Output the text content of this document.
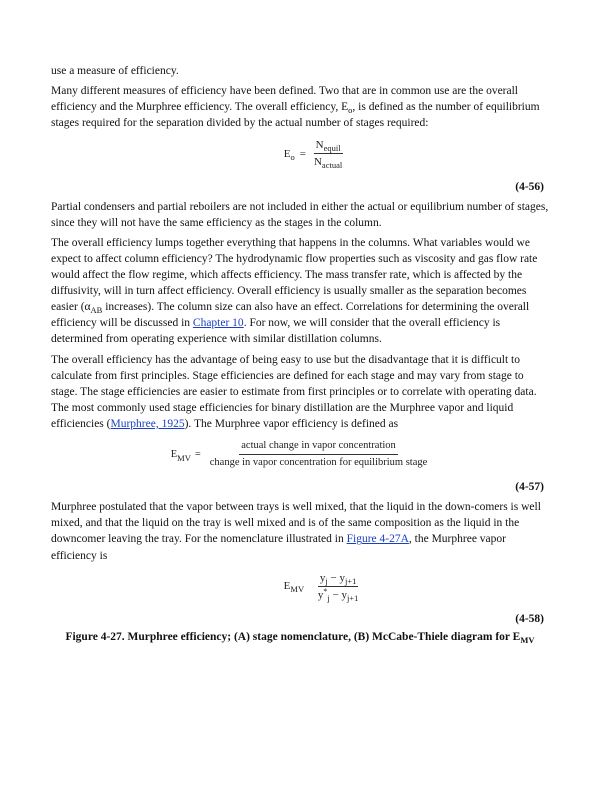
use a measure of efficiency.

Many different measures of efficiency have been defined. Two that are in common use are the overall efficiency and the Murphree efficiency. The overall efficiency, $E_o$, is defined as the number of equilibrium stages required for the separation divided by the actual number of stages required:

E $o = \frac{N_{equil}}{N_{actual}}$
(4-56)

Partial condensers and partial reboilers are not included in either the actual or equilibrium number of stages, since they will not have the same efficiency as the stages in the column.

The overall efficiency lumps together everything that happens in the columns. What variables would we expect to affect column efficiency? The hydrodynamic flow properties such as viscosity and gas flow rate would affect the flow regime, which affects efficiency. The mass transfer rate, which is affected by the diffusivity, will in turn affect efficiency. Overall efficiency is usually smaller as the separation becomes easier ($\alpha_{AB}$ increases). The column size can also have an effect. Correlations for determining the overall efficiency will be discussed in Chapter 10. For now, we will consider that the overall efficiency is determined from operating experience with similar distillation columns.

The overall efficiency has the advantage of being easy to use but the disadvantage that it is difficult to calculate from first principles. Stage efficiencies are defined for each stage and may vary from stage to stage. The stage efficiencies are easier to estimate from first principles or to correlate with operating data. The most commonly used stage efficiencies for binary distillation are the Murphree vapor and liquid efficiencies (Murphree, 1925). The Murphree vapor efficiency is defined as

E MV = $\frac{\text{actual change in vapor concentration}}{\text{change in vapor concentration for equilibrium stage}}$
(4-57)

Murphree postulated that the vapor between trays is well mixed, that the liquid in the down-comers is well mixed, and that the liquid on the tray is well mixed and is of the same composition as the liquid in the downcomer leaving the tray. For the nomenclature illustrated in Figure 4-27A, the Murphree vapor efficiency is

E MV
$\frac{y_j - y_{j+1}}{y^*_j - y_{j+1}}$
(4-58)
Figure 4-27. Murphree efficiency; (A) stage nomenclature, (B) McCabe-Thiele diagram for $E_{MV}$
